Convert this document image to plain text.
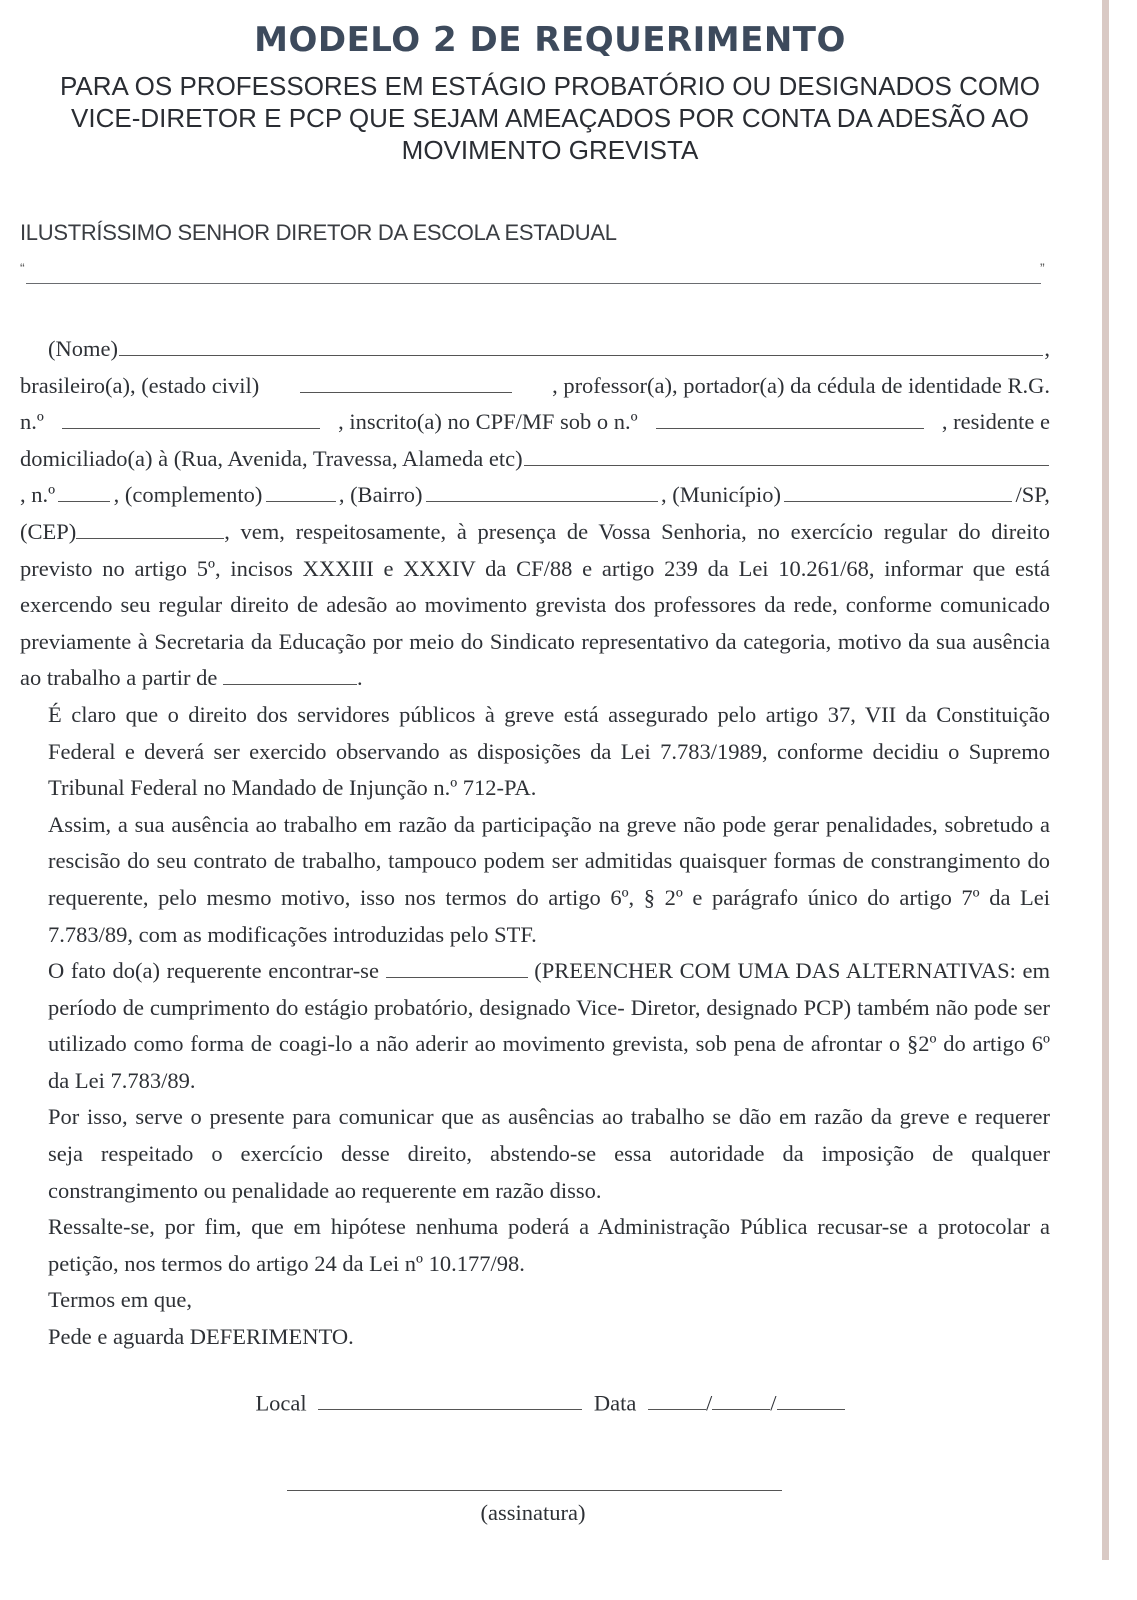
MODELO 2 DE REQUERIMENTO

PARA OS PROFESSORES EM ESTÁGIO PROBATÓRIO OU DESIGNADOS COMO VICE-DIRETOR E PCP QUE SEJAM AMEAÇADOS POR CONTA DA ADESÃO AO MOVIMENTO GREVISTA

ILUSTRÍSSIMO SENHOR DIRETOR DA ESCOLA ESTADUAL
“	”
(Nome)	,
brasileiro(a), (estado civil)	, professor(a), portador(a) da cédula de identidade R.G.
n.º	, inscrito(a) no CPF/MF sob o n.º	, residente e
domiciliado(a) à (Rua, Avenida, Travessa, Alameda etc)
, n.º	, (complemento)	, (Bairro)	, (Município)	/SP,

(CEP)	, vem, respeitosamente, à presença de Vossa Senhoria, no exercício regular do direito previsto no artigo 5º, incisos XXXIII e XXXIV da CF/88 e artigo 239 da Lei 10.261/68, informar que está exercendo seu regular direito de adesão ao movimento grevista dos professores da rede, conforme comunicado previamente à Secretaria da Educação por meio do Sindicato representativo da categoria, motivo da sua ausência ao trabalho a partir de	.

É claro que o direito dos servidores públicos à greve está assegurado pelo artigo 37, VII da Constituição Federal e deverá ser exercido observando as disposições da Lei 7.783/1989, conforme decidiu o Supremo Tribunal Federal no Mandado de Injunção n.º 712-PA.

Assim, a sua ausência ao trabalho em razão da participação na greve não pode gerar penalidades, sobretudo a rescisão do seu contrato de trabalho, tampouco podem ser admitidas quaisquer formas de constrangimento do requerente, pelo mesmo motivo, isso nos termos do artigo 6º, § 2º e parágrafo único do artigo 7º da Lei 7.783/89, com as modificações introduzidas pelo STF.

O fato do(a) requerente encontrar-se	(PREENCHER COM UMA DAS ALTERNATIVAS: em período de cumprimento do estágio probatório, designado Vice- Diretor, designado PCP) também não pode ser utilizado como forma de coagi-lo a não aderir ao movimento grevista, sob pena de afrontar o §2º do artigo 6º da Lei 7.783/89.

Por isso, serve o presente para comunicar que as ausências ao trabalho se dão em razão da greve e requerer seja respeitado o exercício desse direito, abstendo-se essa autoridade da imposição de qualquer constrangimento ou penalidade ao requerente em razão disso.

Ressalte-se, por fim, que em hipótese nenhuma poderá a Administração Pública recusar-se a protocolar a petição, nos termos do artigo 24 da Lei nº 10.177/98.

Termos em que,

Pede e aguarda DEFERIMENTO.

Local	Data	/	/
(assinatura)
